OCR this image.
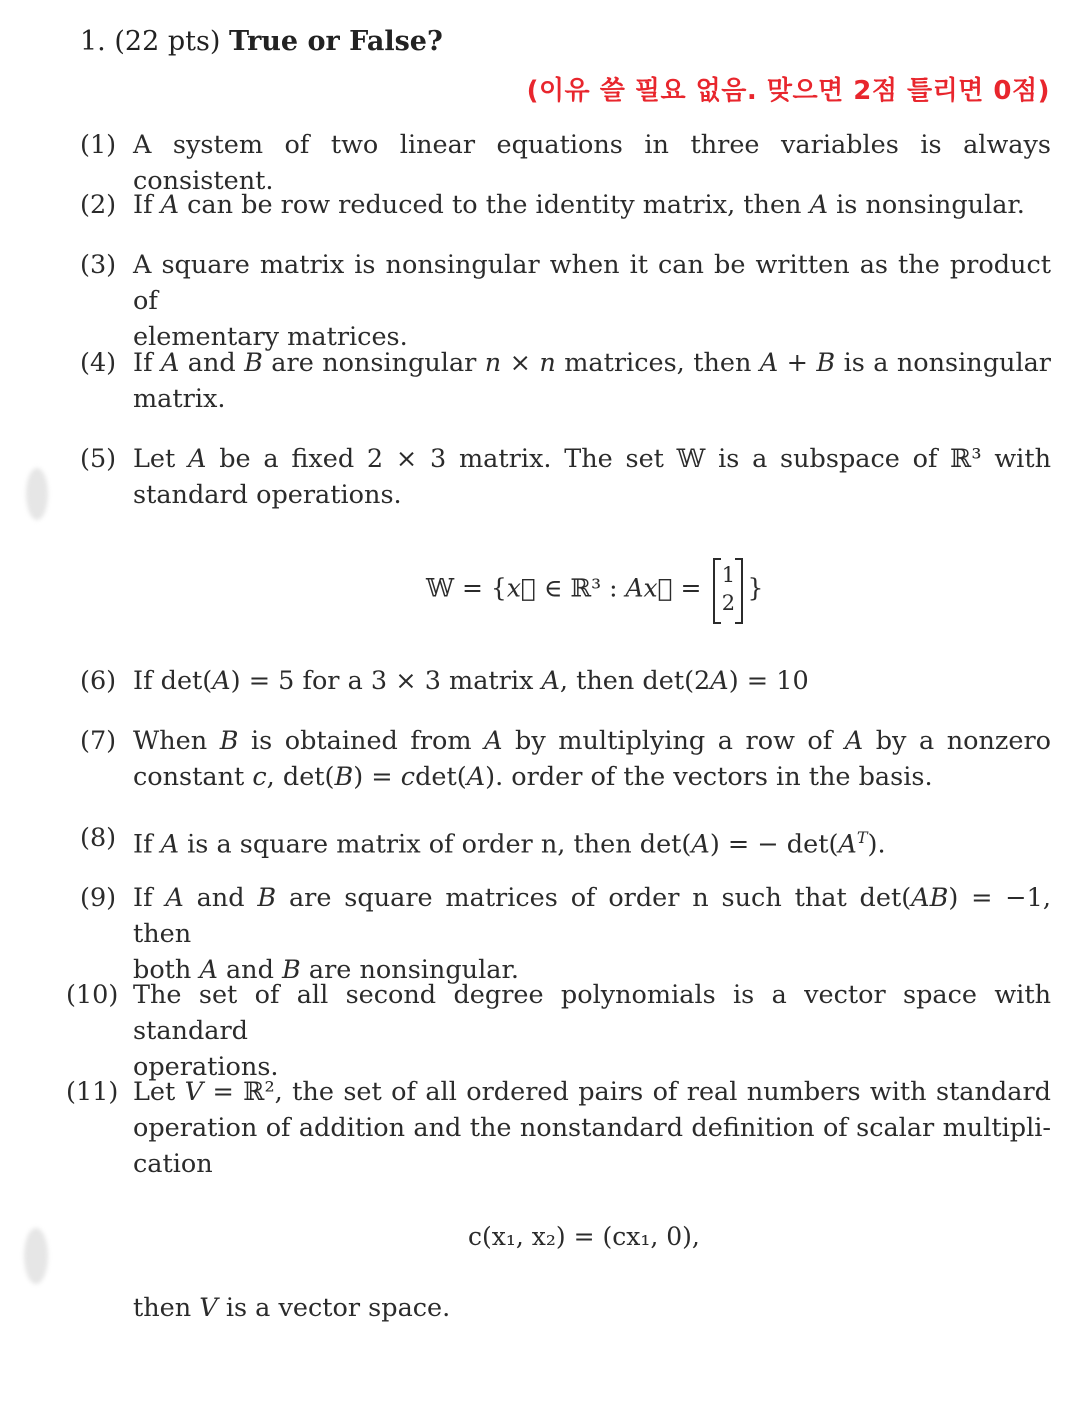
1. (22 pts) True or False?
(이유 쓸 필요 없음. 맞으면 2점 틀리면 0점)
(1) A system of two linear equations in three variables is always consistent.
(2) If A can be row reduced to the identity matrix, then A is nonsingular.
(3) A square matrix is nonsingular when it can be written as the product of
elementary matrices.
(4) If A and B are nonsingular n × n matrices, then A + B is a nonsingular
matrix.
(5) Let A be a fixed 2 × 3 matrix. The set 𝕎 is a subspace of ℝ³ with
standard operations.
𝕎 = {x⃗ ∈ ℝ³ : Ax⃗ = 1
2
}
(6) If det(A) = 5 for a 3 × 3 matrix A, then det(2A) = 10
(7) When B is obtained from A by multiplying a row of A by a nonzero
constant c, det(B) = cdet(A). order of the vectors in the basis.
(8) If A is a square matrix of order n, then det(A) = − $\det(A^T)$.
(9) If A and B are square matrices of order n such that det(AB) = −1, then
both A and B are nonsingular.
(10) The set of all second degree polynomials is a vector space with standard
operations.
(11) Let V = ℝ², the set of all ordered pairs of real numbers with standard
operation of addition and the nonstandard definition of scalar multipli-
cation
c(x₁, x₂) = (cx₁, 0),
then V is a vector space.
